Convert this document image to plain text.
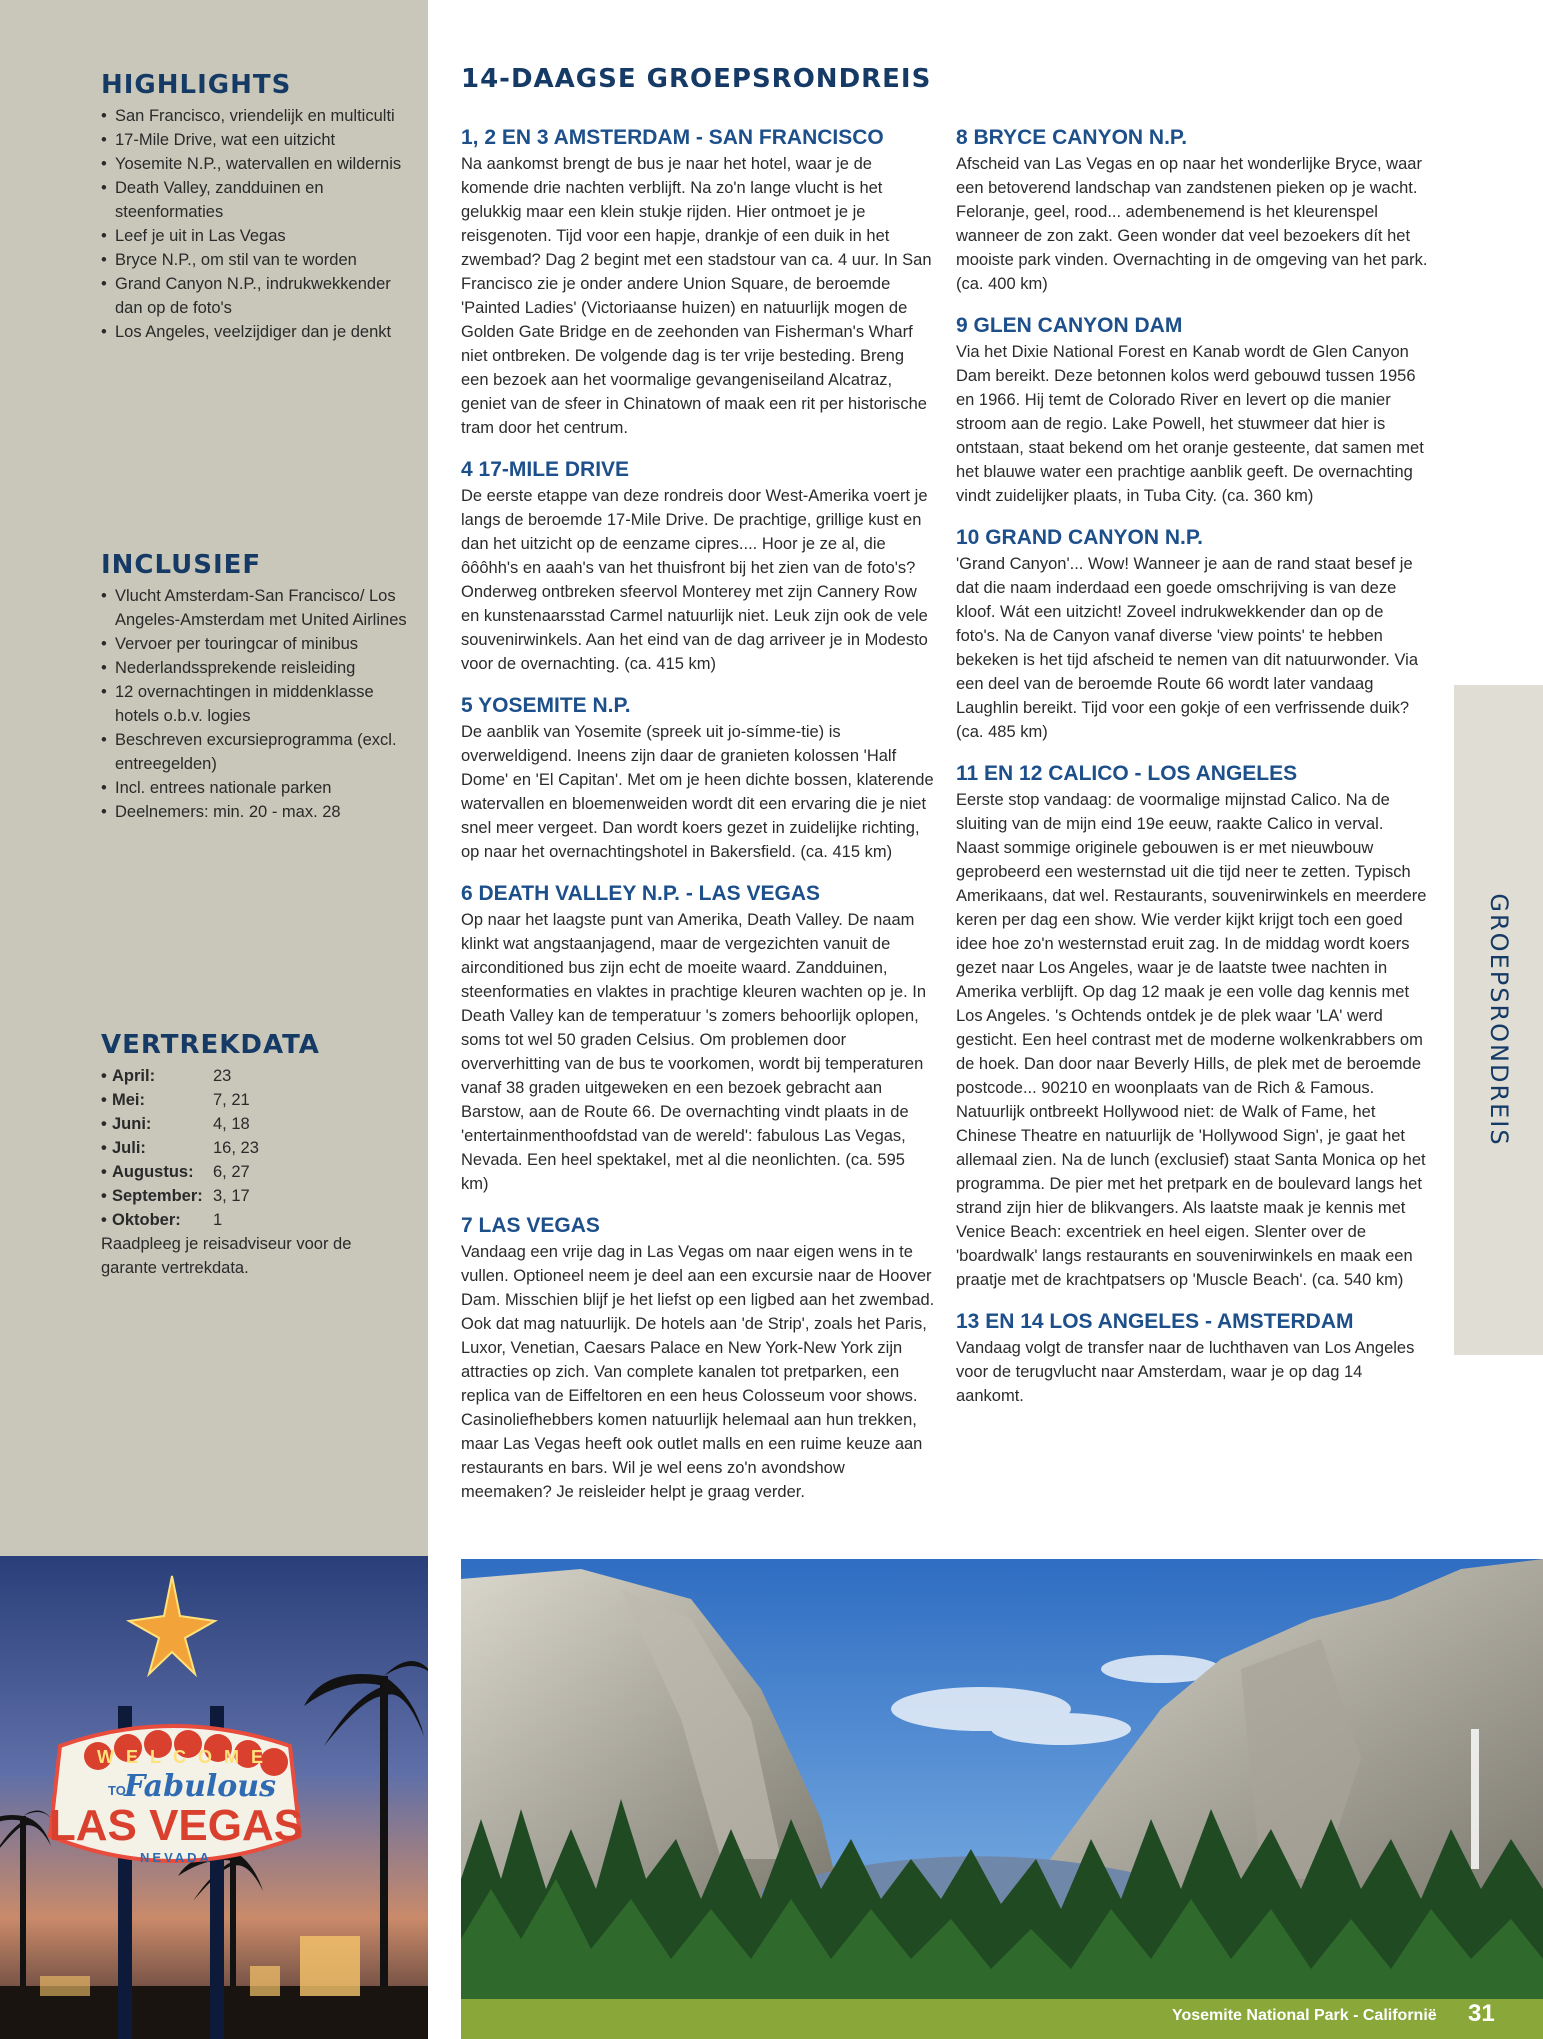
HIGHLIGHTS
• San Francisco, vriendelijk en multiculti
• 17-Mile Drive, wat een uitzicht
• Yosemite N.P., watervallen en wildernis
• Death Valley, zandduinen en steenformaties
• Leef je uit in Las Vegas
• Bryce N.P., om stil van te worden
• Grand Canyon N.P., indrukwekkender dan op de foto's
• Los Angeles, veelzijdiger dan je denkt
INCLUSIEF
• Vlucht Amsterdam-San Francisco/ Los Angeles-Amsterdam met United Airlines
• Vervoer per touringcar of minibus
• Nederlandssprekende reisleiding
• 12 overnachtingen in middenklasse hotels o.b.v. logies
• Beschreven excursieprogramma (excl. entreegelden)
• Incl. entrees nationale parken
• Deelnemers: min. 20 - max. 28
VERTREKDATA
• April:	23
• Mei:	7, 21
• Juni:	4, 18
• Juli:	16, 23
• Augustus:	6, 27
• September: 3, 17
• Oktober:	1

Raadpleeg je reisadviseur voor de garante vertrekdata.

14-DAAGSE GROEPSRONDREIS
1, 2 EN 3 AMSTERDAM - SAN FRANCISCO

Na aankomst brengt de bus je naar het hotel, waar je de komende drie nachten verblijft. Na zo'n lange vlucht is het gelukkig maar een klein stukje rijden. Hier ontmoet je je reisgenoten. Tijd voor een hapje, drankje of een duik in het zwembad? Dag 2 begint met een stadstour van ca. 4 uur. In San Francisco zie je onder andere Union Square, de beroemde 'Painted Ladies' (Victoriaanse huizen) en natuurlijk mogen de Golden Gate Bridge en de zeehonden van Fisherman's Wharf niet ontbreken. De volgende dag is ter vrije besteding. Breng een bezoek aan het voormalige gevangeniseiland Alcatraz, geniet van de sfeer in Chinatown of maak een rit per historische tram door het centrum.

4 17-MILE DRIVE

De eerste etappe van deze rondreis door West-Amerika voert je langs de beroemde 17-Mile Drive. De prachtige, grillige kust en dan het uitzicht op de eenzame cipres.... Hoor je ze al, die ôôôhh's en aaah's van het thuisfront bij het zien van de foto's? Onderweg ontbreken sfeervol Monterey met zijn Cannery Row en kunstenaarsstad Carmel natuurlijk niet. Leuk zijn ook de vele souvenirwinkels. Aan het eind van de dag arriveer je in Modesto voor de overnachting. (ca. 415 km)

5 YOSEMITE N.P.

De aanblik van Yosemite (spreek uit jo-símme-tie) is overweldigend. Ineens zijn daar de granieten kolossen 'Half Dome' en 'El Capitan'. Met om je heen dichte bossen, klaterende watervallen en bloemenweiden wordt dit een ervaring die je niet snel meer vergeet. Dan wordt koers gezet in zuidelijke richting, op naar het overnachtingshotel in Bakersfield. (ca. 415 km)

6 DEATH VALLEY N.P. - LAS VEGAS

Op naar het laagste punt van Amerika, Death Valley. De naam klinkt wat angstaanjagend, maar de vergezichten vanuit de airconditioned bus zijn echt de moeite waard. Zandduinen, steenformaties en vlaktes in prachtige kleuren wachten op je. In Death Valley kan de temperatuur 's zomers behoorlijk oplopen, soms tot wel 50 graden Celsius. Om problemen door oververhitting van de bus te voorkomen, wordt bij temperaturen vanaf 38 graden uitgeweken en een bezoek gebracht aan Barstow, aan de Route 66. De overnachting vindt plaats in de 'entertainmenthoofdstad van de wereld': fabulous Las Vegas, Nevada. Een heel spektakel, met al die neonlichten. (ca. 595 km)

7 LAS VEGAS

Vandaag een vrije dag in Las Vegas om naar eigen wens in te vullen. Optioneel neem je deel aan een excursie naar de Hoover Dam. Misschien blijf je het liefst op een ligbed aan het zwembad. Ook dat mag natuurlijk. De hotels aan 'de Strip', zoals het Paris, Luxor, Venetian, Caesars Palace en New York-New York zijn attracties op zich. Van complete kanalen tot pretparken, een replica van de Eiffeltoren en een heus Colosseum voor shows. Casinoliefhebbers komen natuurlijk helemaal aan hun trekken, maar Las Vegas heeft ook outlet malls en een ruime keuze aan restaurants en bars. Wil je wel eens zo'n avondshow meemaken? Je reisleider helpt je graag verder.

8 BRYCE CANYON N.P.

Afscheid van Las Vegas en op naar het wonderlijke Bryce, waar een betoverend landschap van zandstenen pieken op je wacht. Feloranje, geel, rood... adembenemend is het kleurenspel wanneer de zon zakt. Geen wonder dat veel bezoekers dít het mooiste park vinden. Overnachting in de omgeving van het park. (ca. 400 km)

9 GLEN CANYON DAM

Via het Dixie National Forest en Kanab wordt de Glen Canyon Dam bereikt. Deze betonnen kolos werd gebouwd tussen 1956 en 1966. Hij temt de Colorado River en levert op die manier stroom aan de regio. Lake Powell, het stuwmeer dat hier is ontstaan, staat bekend om het oranje gesteente, dat samen met het blauwe water een prachtige aanblik geeft. De overnachting vindt zuidelijker plaats, in Tuba City. (ca. 360 km)

10 GRAND CANYON N.P.

'Grand Canyon'... Wow! Wanneer je aan de rand staat besef je dat die naam inderdaad een goede omschrijving is van deze kloof. Wát een uitzicht! Zoveel indrukwekkender dan op de foto's. Na de Canyon vanaf diverse 'view points' te hebben bekeken is het tijd afscheid te nemen van dit natuurwonder. Via een deel van de beroemde Route 66 wordt later vandaag Laughlin bereikt. Tijd voor een gokje of een verfrissende duik? (ca. 485 km)

11 EN 12 CALICO - LOS ANGELES

Eerste stop vandaag: de voormalige mijnstad Calico. Na de sluiting van de mijn eind 19e eeuw, raakte Calico in verval. Naast sommige originele gebouwen is er met nieuwbouw geprobeerd een westernstad uit die tijd neer te zetten. Typisch Amerikaans, dat wel. Restaurants, souvenirwinkels en meerdere keren per dag een show. Wie verder kijkt krijgt toch een goed idee hoe zo'n westernstad eruit zag. In de middag wordt koers gezet naar Los Angeles, waar je de laatste twee nachten in Amerika verblijft. Op dag 12 maak je een volle dag kennis met Los Angeles. 's Ochtends ontdek je de plek waar 'LA' werd gesticht. Een heel contrast met de moderne wolkenkrabbers om de hoek. Dan door naar Beverly Hills, de plek met de beroemde postcode... 90210 en woonplaats van de Rich & Famous. Natuurlijk ontbreekt Hollywood niet: de Walk of Fame, het Chinese Theatre en natuurlijk de 'Hollywood Sign', je gaat het allemaal zien. Na de lunch (exclusief) staat Santa Monica op het programma. De pier met het pretpark en de boulevard langs het strand zijn hier de blikvangers. Als laatste maak je kennis met Venice Beach: excentriek en heel eigen. Slenter over de 'boardwalk' langs restaurants en souvenirwinkels en maak een praatje met de krachtpatsers op 'Muscle Beach'. (ca. 540 km)

13 EN 14 LOS ANGELES - AMSTERDAM

Vandaag volgt de transfer naar de luchthaven van Los Angeles voor de terugvlucht naar Amsterdam, waar je op dag 14 aankomt.

GROEPSRONDREIS
WELCOME
TO
Fabulous
LAS VEGAS
NEVADA
Yosemite National Park - Californië 31
